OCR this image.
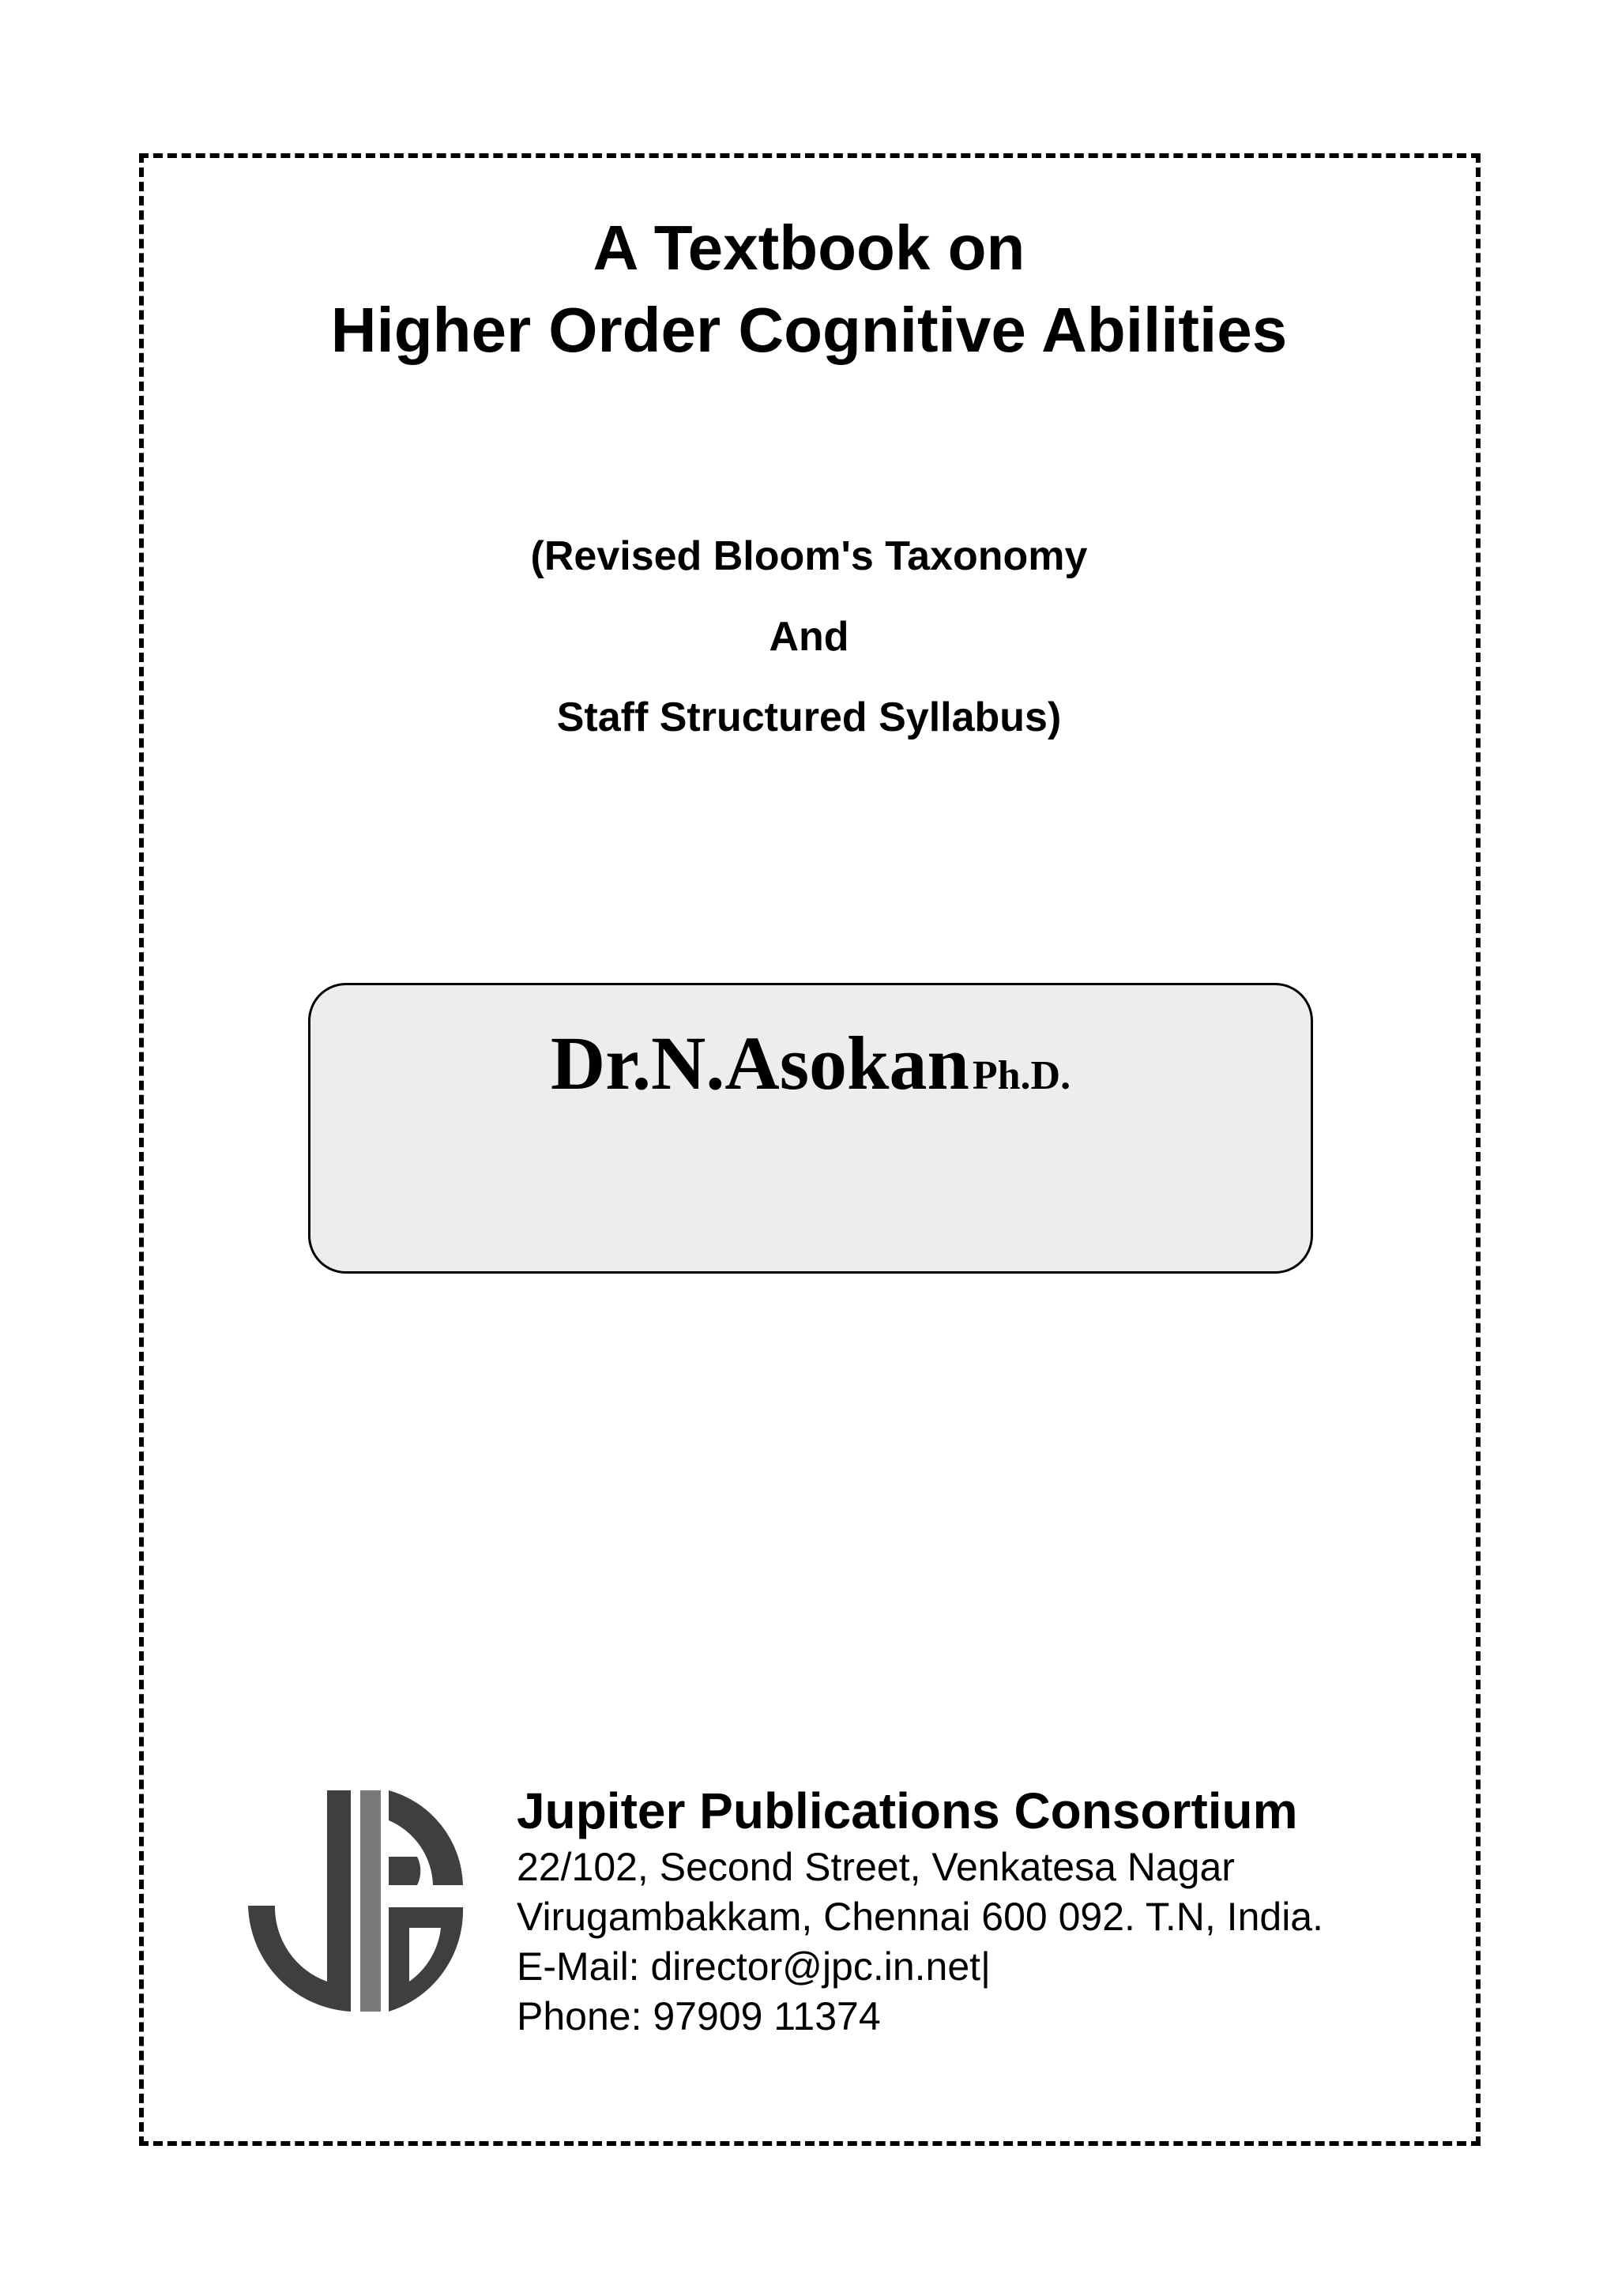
A Textbook on
Higher Order Cognitive Abilities

(Revised Bloom's Taxonomy

And

Staff Structured Syllabus)

Dr.N.Asokan Ph.D.

Jupiter Publications Consortium

22/102, Second Street, Venkatesa Nagar

Virugambakkam, Chennai 600 092. T.N, India.

E-Mail: director@jpc.in.net|

Phone: 97909 11374
